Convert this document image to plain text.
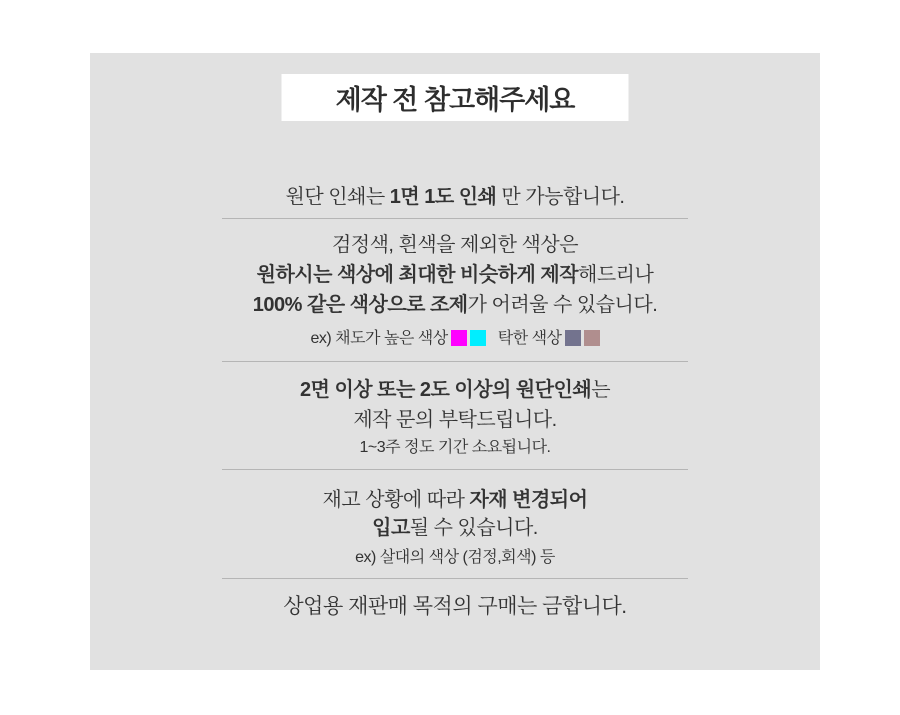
제작 전 참고해주세요
원단 인쇄는 1면 1도 인쇄 만 가능합니다.
검정색, 흰색을 제외한 색상은
원하시는 색상에 최대한 비슷하게 제작해드리나
100% 같은 색상으로 조제가 어려울 수 있습니다.
ex) 채도가 높은 색상	탁한 색상
2면 이상 또는 2도 이상의 원단인쇄는
제작 문의 부탁드립니다.
1~3주 정도 기간 소요됩니다.
재고 상황에 따라 자재 변경되어
입고될 수 있습니다.
ex) 살대의 색상 (검정,회색) 등
상업용 재판매 목적의 구매는 금합니다.
